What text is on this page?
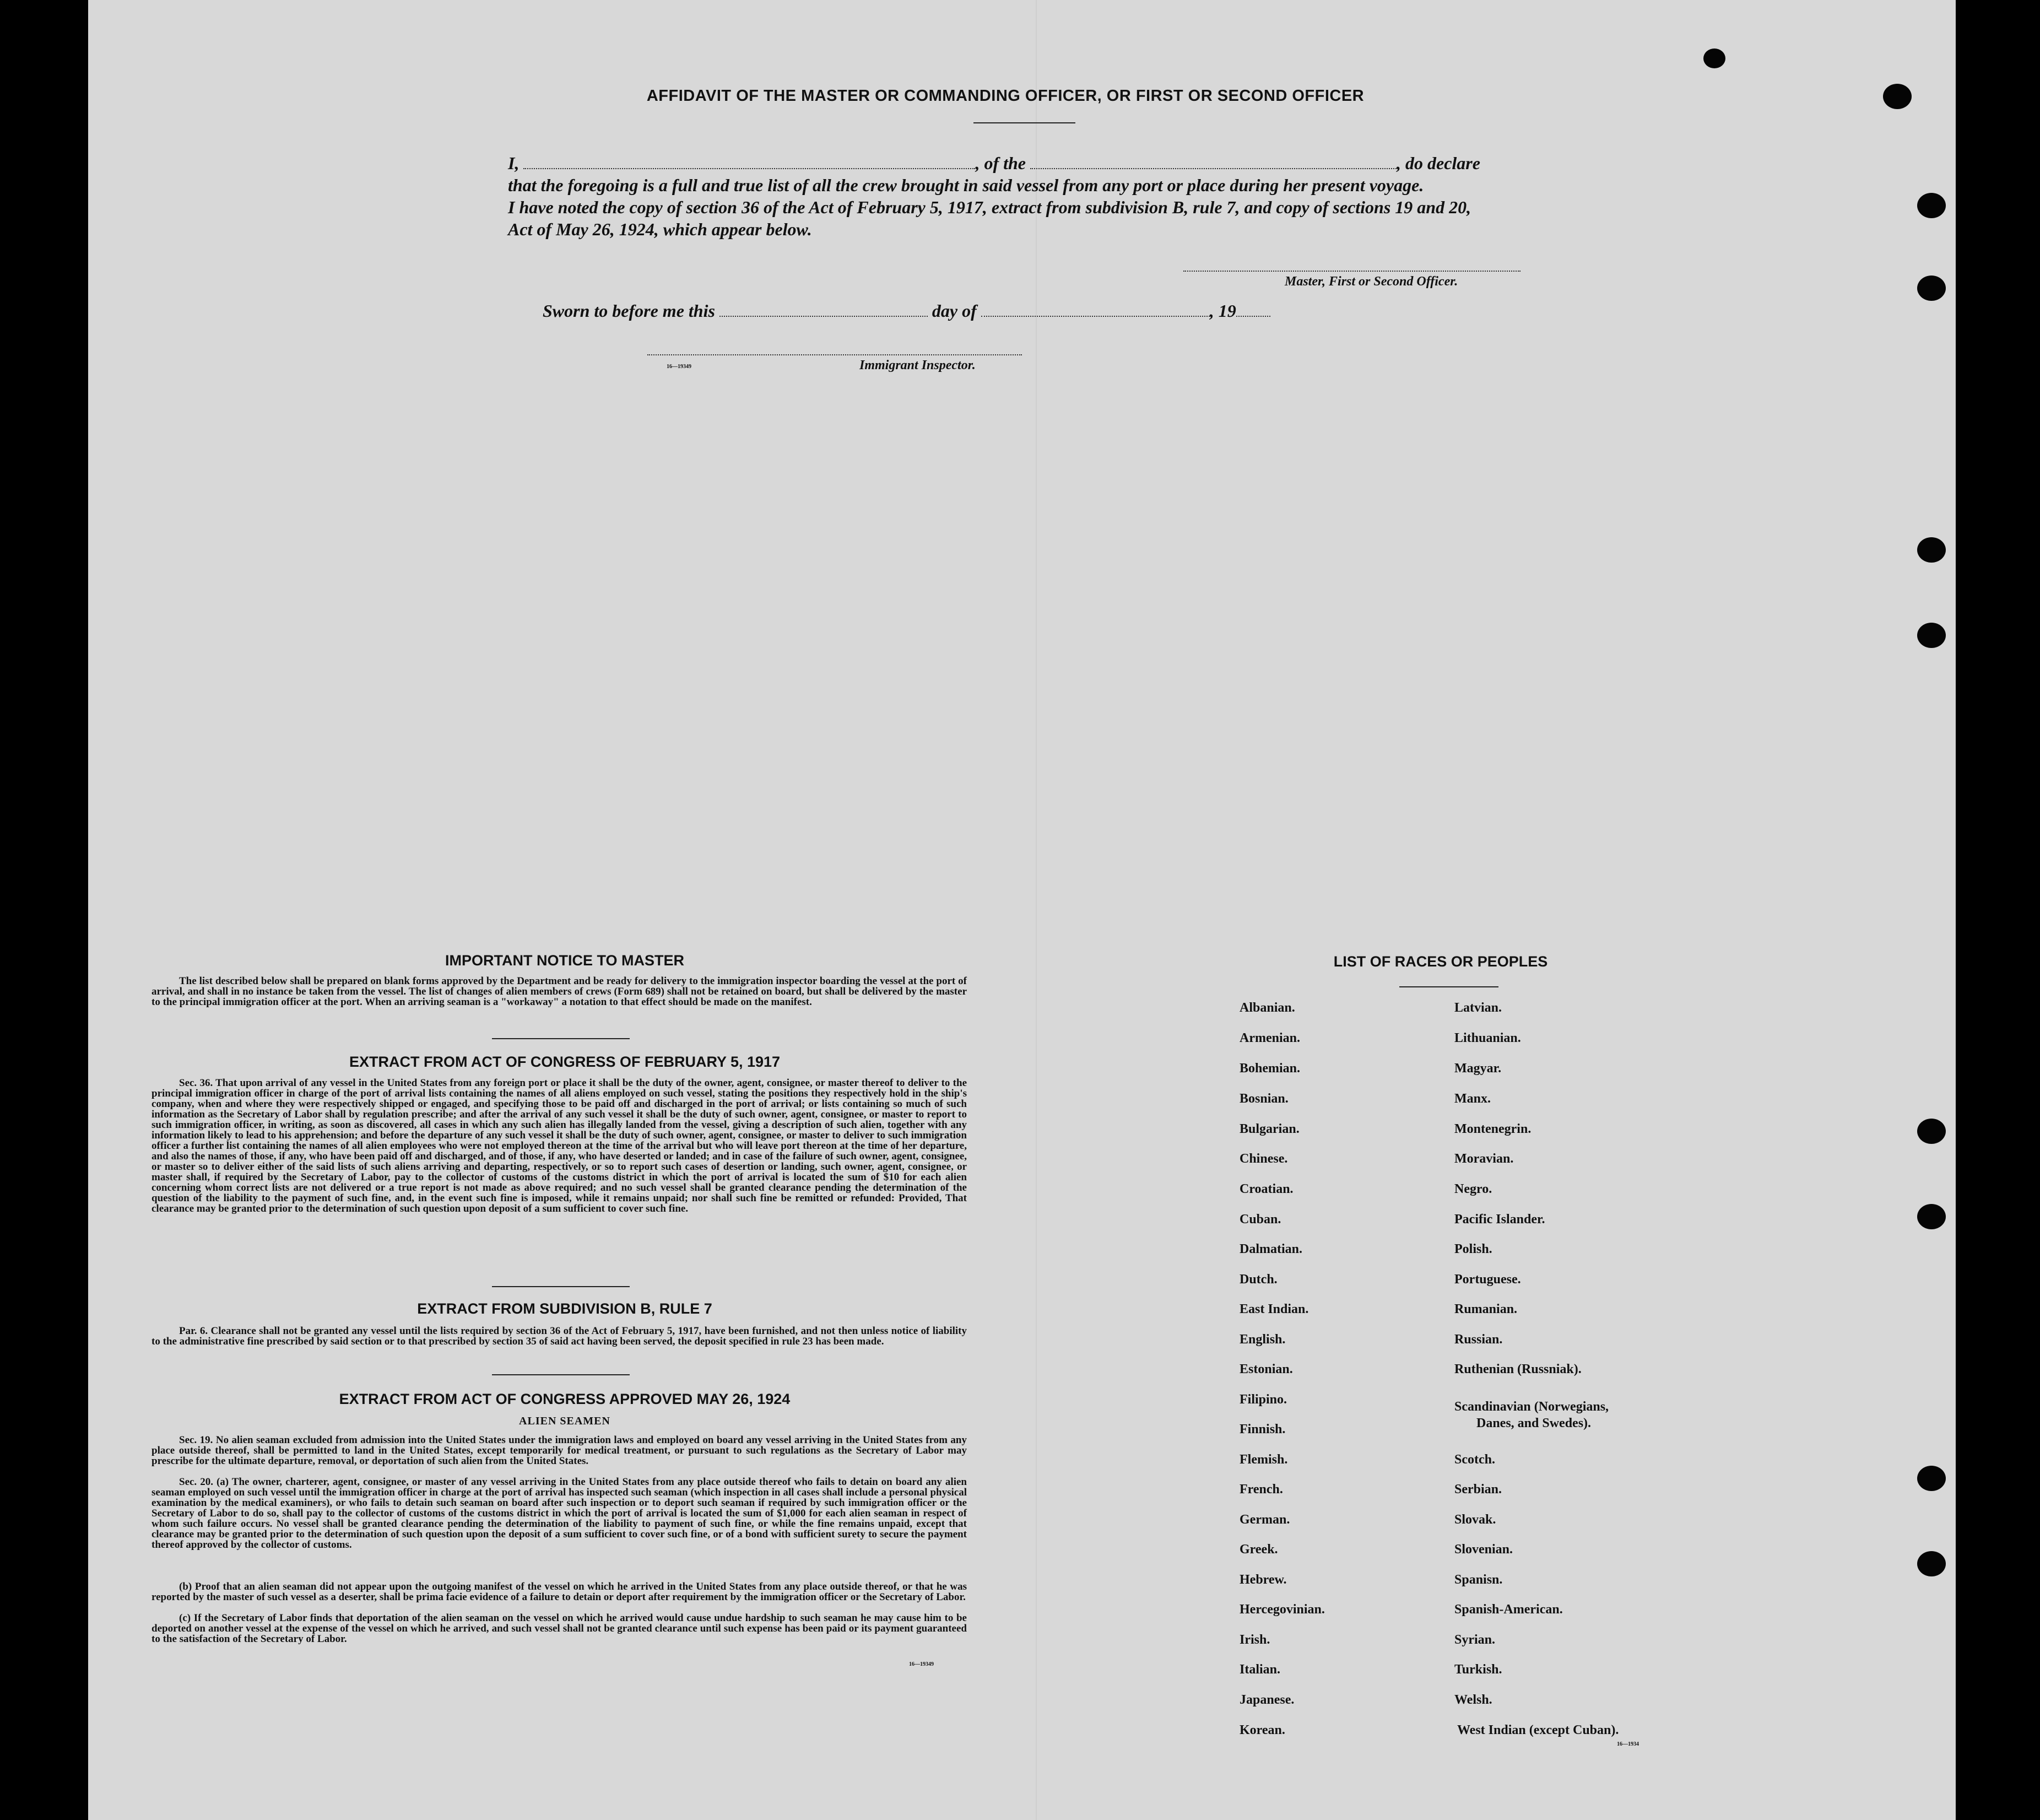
AFFIDAVIT OF THE MASTER OR COMMANDING OFFICER, OR FIRST OR SECOND OFFICER
I,	, of the	, do declare
that the foregoing is a full and true list of all the crew brought in said vessel from any port or place during her present voyage.
I have noted the copy of section 36 of the Act of February 5, 1917, extract from subdivision B, rule 7, and copy of sections 19 and 20,
Act of May 26, 1924, which appear below.
Master, First or Second Officer.
Sworn to before me this	day of	, 19
16—19349	Immigrant Inspector.
IMPORTANT NOTICE TO MASTER
The list described below shall be prepared on blank forms approved by the Department and be ready for delivery to the immigration inspector boarding the vessel at the port of arrival, and shall in no instance be taken from the vessel. The list of changes of alien members of crews (Form 689) shall not be retained on board, but shall be delivered by the master to the principal immigration officer at the port. When an arriving seaman is a "workaway" a notation to that effect should be made on the manifest.
EXTRACT FROM ACT OF CONGRESS OF FEBRUARY 5, 1917
Sec. 36. That upon arrival of any vessel in the United States from any foreign port or place it shall be the duty of the owner, agent, consignee, or master thereof to deliver to the principal immigration officer in charge of the port of arrival lists containing the names of all aliens employed on such vessel, stating the positions they respectively hold in the ship's company, when and where they were respectively shipped or engaged, and specifying those to be paid off and discharged in the port of arrival; or lists containing so much of such information as the Secretary of Labor shall by regulation prescribe; and after the arrival of any such vessel it shall be the duty of such owner, agent, consignee, or master to report to such immigration officer, in writing, as soon as discovered, all cases in which any such alien has illegally landed from the vessel, giving a description of such alien, together with any information likely to lead to his apprehension; and before the departure of any such vessel it shall be the duty of such owner, agent, consignee, or master to deliver to such immigration officer a further list containing the names of all alien employees who were not employed thereon at the time of the arrival but who will leave port thereon at the time of her departure, and also the names of those, if any, who have been paid off and discharged, and of those, if any, who have deserted or landed; and in case of the failure of such owner, agent, consignee, or master so to deliver either of the said lists of such aliens arriving and departing, respectively, or so to report such cases of desertion or landing, such owner, agent, consignee, or master shall, if required by the Secretary of Labor, pay to the collector of customs of the customs district in which the port of arrival is located the sum of $10 for each alien concerning whom correct lists are not delivered or a true report is not made as above required; and no such vessel shall be granted clearance pending the determination of the question of the liability to the payment of such fine, and, in the event such fine is imposed, while it remains unpaid; nor shall such fine be remitted or refunded: Provided, That clearance may be granted prior to the determination of such question upon deposit of a sum sufficient to cover such fine.
EXTRACT FROM SUBDIVISION B, RULE 7
Par. 6. Clearance shall not be granted any vessel until the lists required by section 36 of the Act of February 5, 1917, have been furnished, and not then unless notice of liability to the administrative fine prescribed by said section or to that prescribed by section 35 of said act having been served, the deposit specified in rule 23 has been made.
EXTRACT FROM ACT OF CONGRESS APPROVED MAY 26, 1924
ALIEN SEAMEN
Sec. 19. No alien seaman excluded from admission into the United States under the immigration laws and employed on board any vessel arriving in the United States from any place outside thereof, shall be permitted to land in the United States, except temporarily for medical treatment, or pursuant to such regulations as the Secretary of Labor may prescribe for the ultimate departure, removal, or deportation of such alien from the United States.
Sec. 20. (a) The owner, charterer, agent, consignee, or master of any vessel arriving in the United States from any place outside thereof who fails to detain on board any alien seaman employed on such vessel until the immigration officer in charge at the port of arrival has inspected such seaman (which inspection in all cases shall include a personal physical examination by the medical examiners), or who fails to detain such seaman on board after such inspection or to deport such seaman if required by such immigration officer or the Secretary of Labor to do so, shall pay to the collector of customs of the customs district in which the port of arrival is located the sum of $1,000 for each alien seaman in respect of whom such failure occurs. No vessel shall be granted clearance pending the determination of the liability to payment of such fine, or while the fine remains unpaid, except that clearance may be granted prior to the determination of such question upon the deposit of a sum sufficient to cover such fine, or of a bond with sufficient surety to secure the payment thereof approved by the collector of customs.
(b) Proof that an alien seaman did not appear upon the outgoing manifest of the vessel on which he arrived in the United States from any place outside thereof, or that he was reported by the master of such vessel as a deserter, shall be prima facie evidence of a failure to detain or deport after requirement by the immigration officer or the Secretary of Labor.
(c) If the Secretary of Labor finds that deportation of the alien seaman on the vessel on which he arrived would cause undue hardship to such seaman he may cause him to be deported on another vessel at the expense of the vessel on which he arrived, and such vessel shall not be granted clearance until such expense has been paid or its payment guaranteed to the satisfaction of the Secretary of Labor.
16—19349
LIST OF RACES OR PEOPLES
Albanian.
Armenian.
Bohemian.
Bosnian.
Bulgarian.
Chinese.
Croatian.
Cuban.
Dalmatian.
Dutch.
East Indian.
English.
Estonian.
Filipino.
Finnish.
Flemish.
French.
German.
Greek.
Hebrew.
Hercegovinian.
Irish.
Italian.
Japanese.
Korean.
Latvian.
Lithuanian.
Magyar.
Manx.
Montenegrin.
Moravian.
Negro.
Pacific Islander.
Polish.
Portuguese.
Rumanian.
Russian.
Ruthenian (Russniak).
Scandinavian (Norwegians,
Danes, and Swedes).
Scotch.
Serbian.
Slovak.
Slovenian.
Spanisn.
Spanish-American.
Syrian.
Turkish.
Welsh.
West Indian (except Cuban).
16—1934
